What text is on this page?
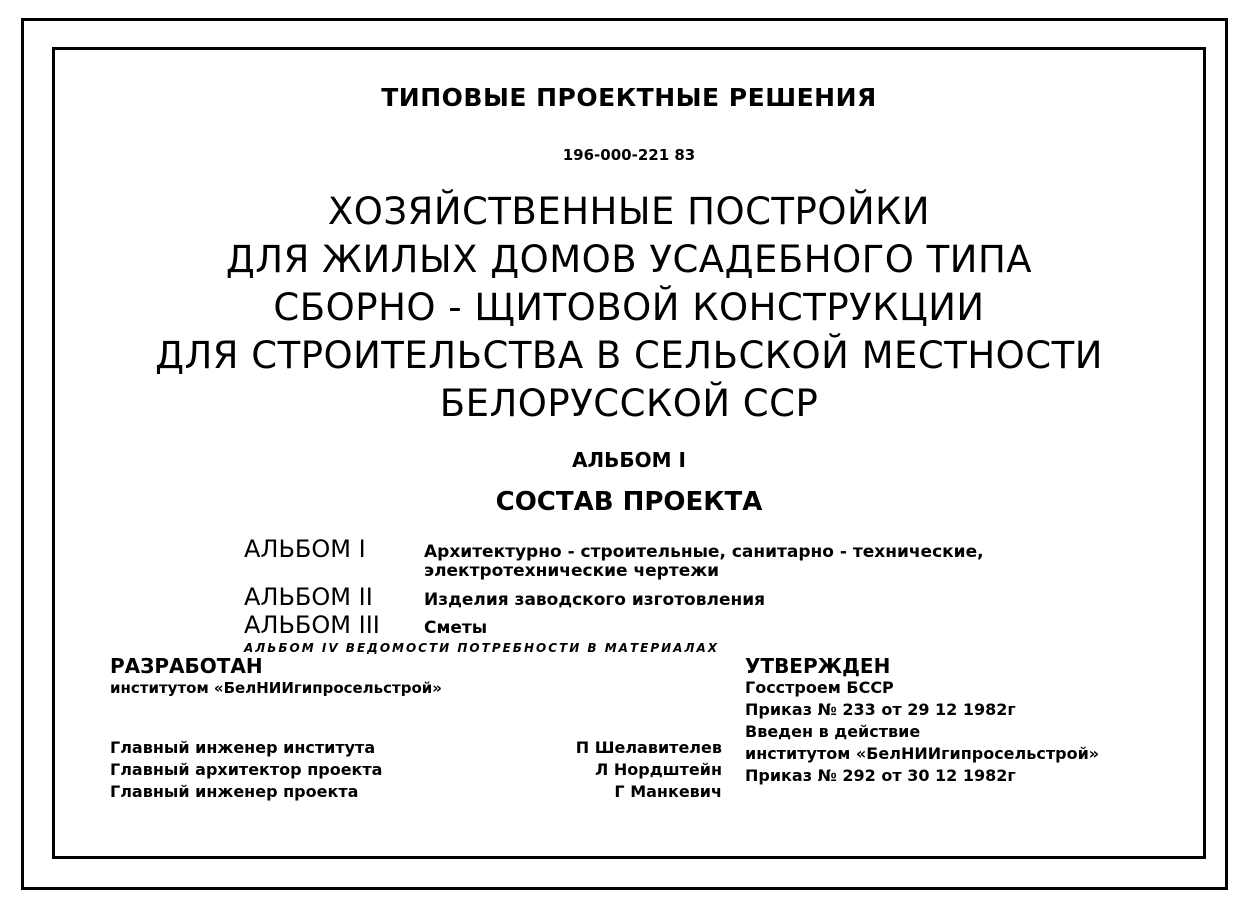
ТИПОВЫЕ ПРОЕКТНЫЕ РЕШЕНИЯ
196-000-221 83
ХОЗЯЙСТВЕННЫЕ ПОСТРОЙКИ
ДЛЯ ЖИЛЫХ ДОМОВ УСАДЕБНОГО ТИПА
СБОРНО - ЩИТОВОЙ КОНСТРУКЦИИ
ДЛЯ СТРОИТЕЛЬСТВА В СЕЛЬСКОЙ МЕСТНОСТИ
БЕЛОРУССКОЙ ССР
АЛЬБОМ I
СОСТАВ ПРОЕКТА
АЛЬБОМ I	Архитектурно - строительные, санитарно - технические,
электротехнические чертежи
АЛЬБОМ II	Изделия заводского изготовления
АЛЬБОМ III	Сметы
АЛЬБОМ IV ВЕДОМОСТИ ПОТРЕБНОСТИ В МАТЕРИАЛАХ
РАЗРАБОТАН
институтом «БелНИИгипросельстрой»
Главный инженер института	П Шелавителев
Главный архитектор проекта	Л Нордштейн
Главный инженер проекта	Г Манкевич
УТВЕРЖДЕН
Госстроем БССР
Приказ № 233 от 29 12 1982г
Введен в действие
институтом «БелНИИгипросельстрой»
Приказ № 292 от 30 12 1982г
